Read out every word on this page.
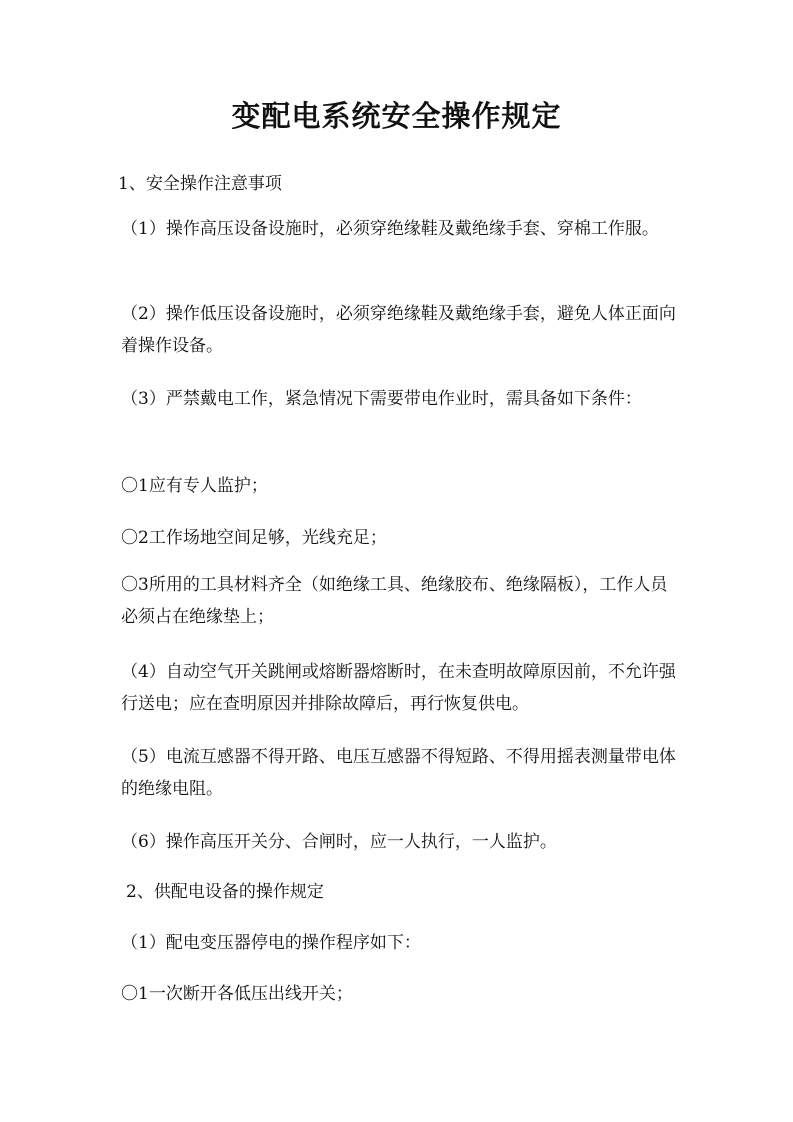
变配电系统安全操作规定

1、安全操作注意事项

（1）操作高压设备设施时，必须穿绝缘鞋及戴绝缘手套、穿棉工作服。

（2）操作低压设备设施时，必须穿绝缘鞋及戴绝缘手套，避免人体正面向着操作设备。

（3）严禁戴电工作，紧急情况下需要带电作业时，需具备如下条件：

〇1应有专人监护；

〇2工作场地空间足够，光线充足；

〇3所用的工具材料齐全（如绝缘工具、绝缘胶布、绝缘隔板），工作人员必须占在绝缘垫上；

（4）自动空气开关跳闸或熔断器熔断时，在未查明故障原因前，不允许强行送电；应在查明原因并排除故障后，再行恢复供电。

（5）电流互感器不得开路、电压互感器不得短路、不得用摇表测量带电体的绝缘电阻。

（6）操作高压开关分、合闸时，应一人执行，一人监护。

2、供配电设备的操作规定

（1）配电变压器停电的操作程序如下：

〇1一次断开各低压出线开关；
